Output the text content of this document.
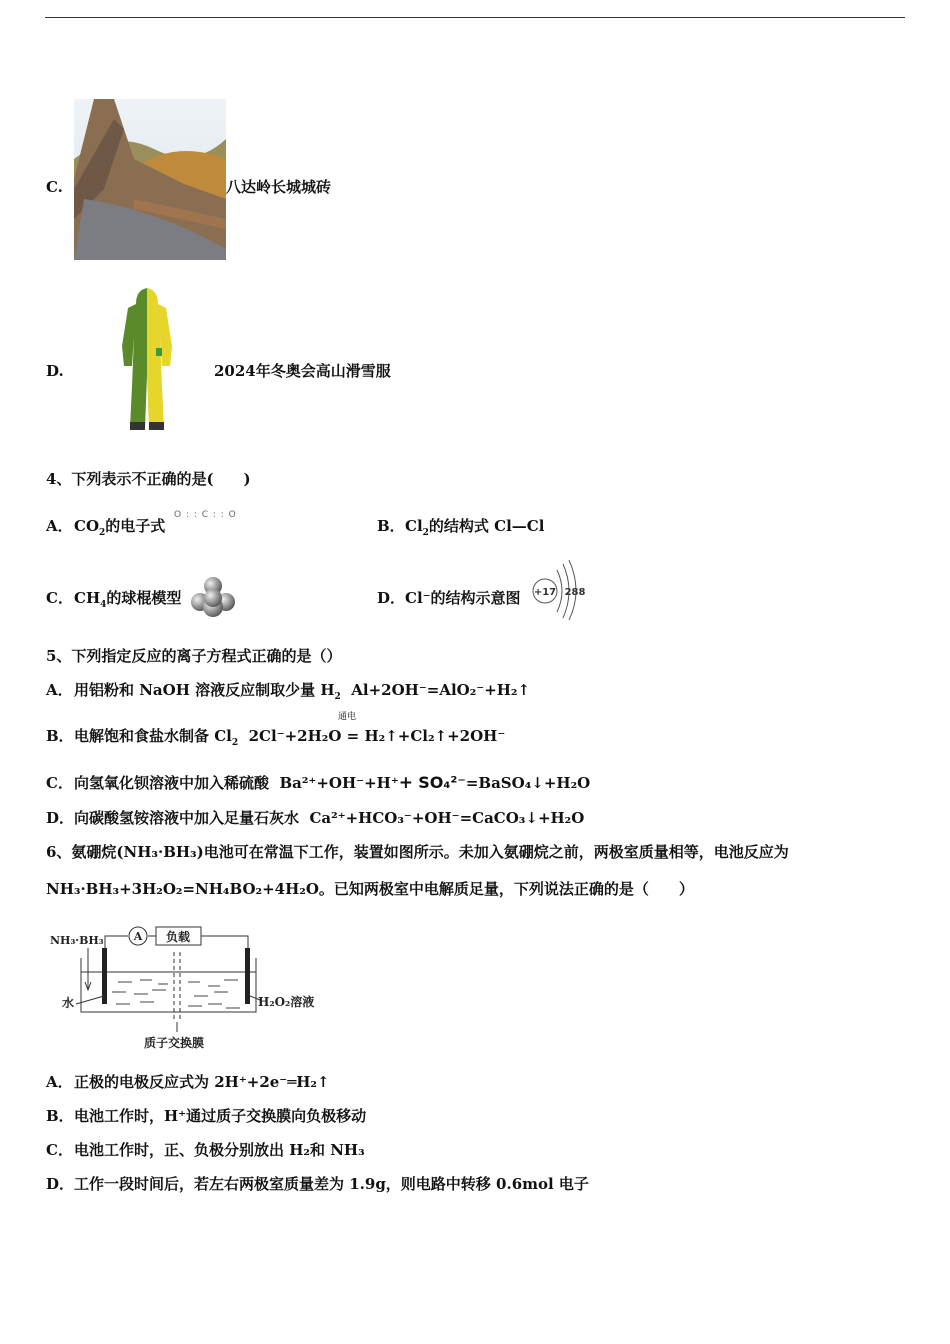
C.	八达岭长城城砖
D.	2024年冬奥会高山滑雪服
4、下列表示不正确的是(　　)
A．$CO_2$的电子式
O : : C : : O
B．$Cl_2$的结构式 Cl—Cl
C．$CH_4$的球棍模型	D．Cl⁻的结构示意图 +17 288
5、下列指定反应的离子方程式正确的是（）
A．用铝粉和 NaOH 溶液反应制取少量 $H_2$ Al+2OH⁻=AlO₂⁻+H₂↑
通电
B．电解饱和食盐水制备 $Cl_2$ 2Cl⁻+2H₂O = H₂↑+Cl₂↑+2OH⁻
C．向氢氧化钡溶液中加入稀硫酸 Ba²⁺+OH⁻+H⁺+ SO₄²⁻=BaSO₄↓+H₂O
D．向碳酸氢铵溶液中加入足量石灰水 Ca²⁺+HCO₃⁻+OH⁻=CaCO₃↓+H₂O
6、氨硼烷(NH₃·BH₃)电池可在常温下工作，装置如图所示。未加入氨硼烷之前，两极室质量相等，电池反应为
NH₃·BH₃+3H₂O₂=NH₄BO₂+4H₂O。已知两极室中电解质足量，下列说法正确的是（　　）
A 负载
NH₃·BH₃
水	H₂O₂溶液
质子交换膜
A．正极的电极反应式为 2H⁺+2e⁻═H₂↑
B．电池工作时，H⁺通过质子交换膜向负极移动
C．电池工作时，正、负极分别放出 H₂和 NH₃
D．工作一段时间后，若左右两极室质量差为 1.9g，则电路中转移 0.6mol 电子
